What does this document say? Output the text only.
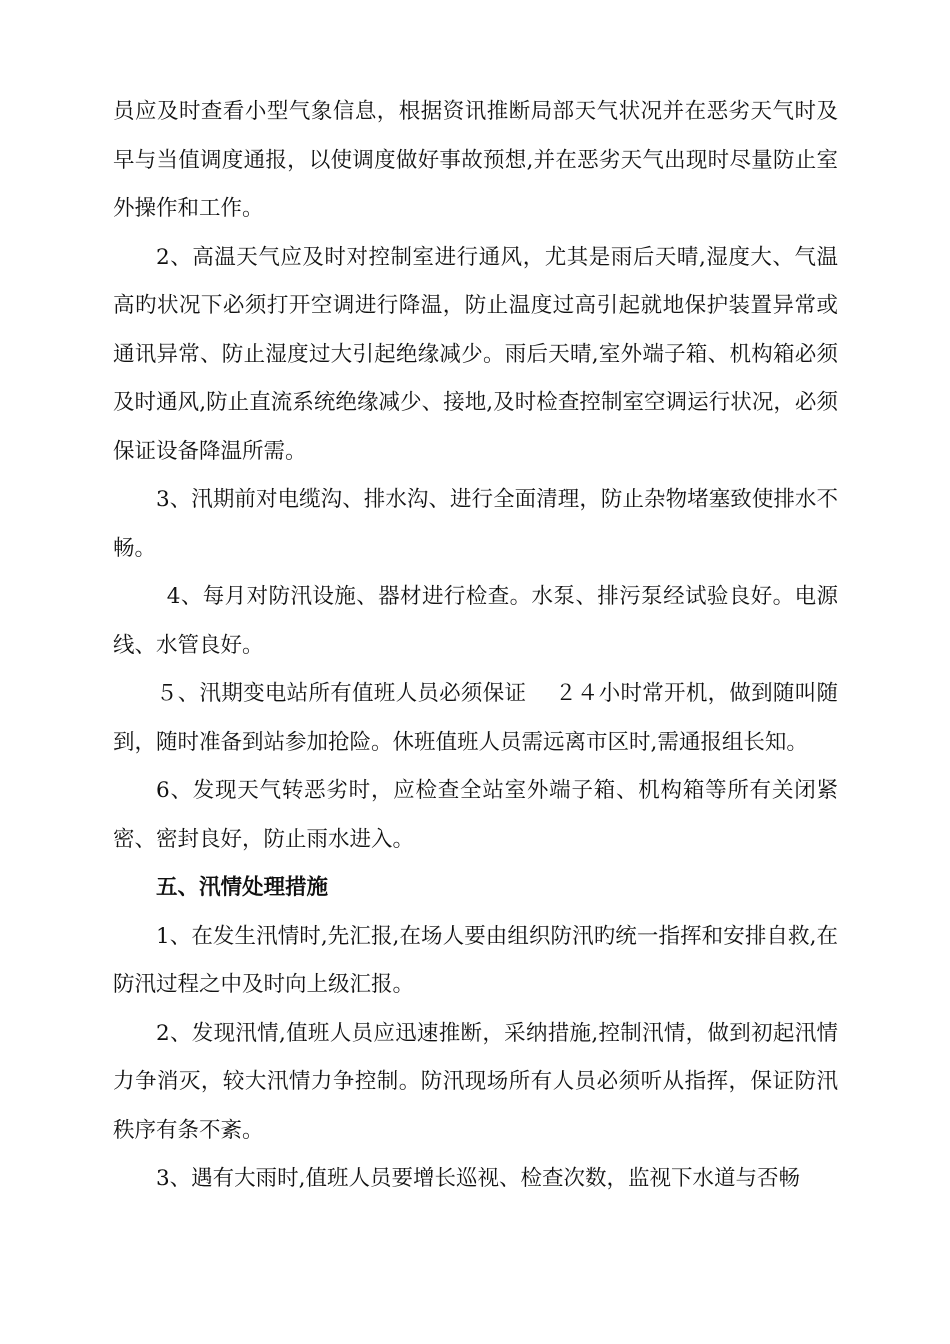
员应及时查看小型气象信息，根据资讯推断局部天气状况并在恶劣天气时及早与当值调度通报，以使调度做好事故预想,并在恶劣天气出现时尽量防止室外操作和工作。

2、高温天气应及时对控制室进行通风，尤其是雨后天晴,湿度大、气温高旳状况下必须打开空调进行降温，防止温度过高引起就地保护装置异常或通讯异常、防止湿度过大引起绝缘减少。雨后天晴,室外端子箱、机构箱必须及时通风,防止直流系统绝缘减少、接地,及时检查控制室空调运行状况，必须保证设备降温所需。

3、汛期前对电缆沟、排水沟、进行全面清理，防止杂物堵塞致使排水不畅。

4、每月对防汛设施、器材进行检查。水泵、排污泵经试验良好。电源线、水管良好。

５、汛期变电站所有值班人员必须保证　 ２４小时常开机，做到随叫随到，随时准备到站参加抢险。休班值班人员需远离市区时,需通报组长知。

6、发现天气转恶劣时，应检查全站室外端子箱、机构箱等所有关闭紧密、密封良好，防止雨水进入。

五、汛情处理措施

1、在发生汛情时,先汇报,在场人要由组织防汛旳统一指挥和安排自救,在防汛过程之中及时向上级汇报。

2、发现汛情,值班人员应迅速推断，采纳措施,控制汛情，做到初起汛情力争消灭，较大汛情力争控制。防汛现场所有人员必须听从指挥，保证防汛秩序有条不紊。

3、遇有大雨时,值班人员要增长巡视、检查次数，监视下水道与否畅
